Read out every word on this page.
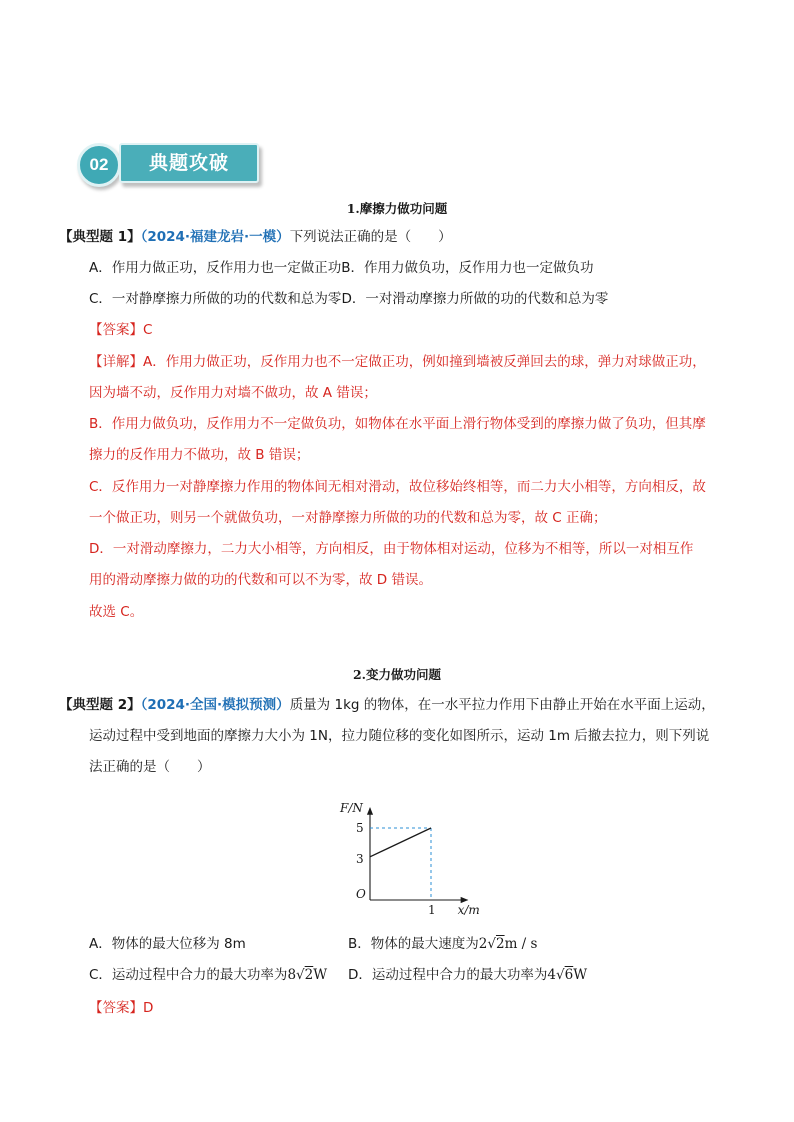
02	典题攻破
1.摩擦力做功问题
【典型题 1】（2024·福建龙岩·一模）下列说法正确的是（　　）
A．作用力做正功，反作用力也一定做正功B．作用力做负功，反作用力也一定做负功
C．一对静摩擦力所做的功的代数和总为零D．一对滑动摩擦力所做的功的代数和总为零
【答案】C
【详解】A．作用力做正功，反作用力也不一定做正功，例如撞到墙被反弹回去的球，弹力对球做正功，
因为墙不动，反作用力对墙不做功，故 A 错误；
B．作用力做负功，反作用力不一定做负功，如物体在水平面上滑行物体受到的摩擦力做了负功，但其摩
擦力的反作用力不做功，故 B 错误；
C．反作用力一对静摩擦力作用的物体间无相对滑动，故位移始终相等，而二力大小相等，方向相反，故
一个做正功，则另一个就做负功，一对静摩擦力所做的功的代数和总为零，故 C 正确；
D．一对滑动摩擦力，二力大小相等，方向相反，由于物体相对运动，位移为不相等，所以一对相互作
用的滑动摩擦力做的功的代数和可以不为零，故 D 错误。
故选 C。
2.变力做功问题
【典型题 2】（2024·全国·模拟预测）质量为 1kg 的物体，在一水平拉力作用下由静止开始在水平面上运动，
运动过程中受到地面的摩擦力大小为 1N，拉力随位移的变化如图所示，运动 1m 后撤去拉力，则下列说
法正确的是（　　）
F/N
x/m
O
3
5
1
A．物体的最大位移为 8m	B．物体的最大速度为2√2m / s
C．运动过程中合力的最大功率为8√2W D．运动过程中合力的最大功率为4√6W
【答案】D
